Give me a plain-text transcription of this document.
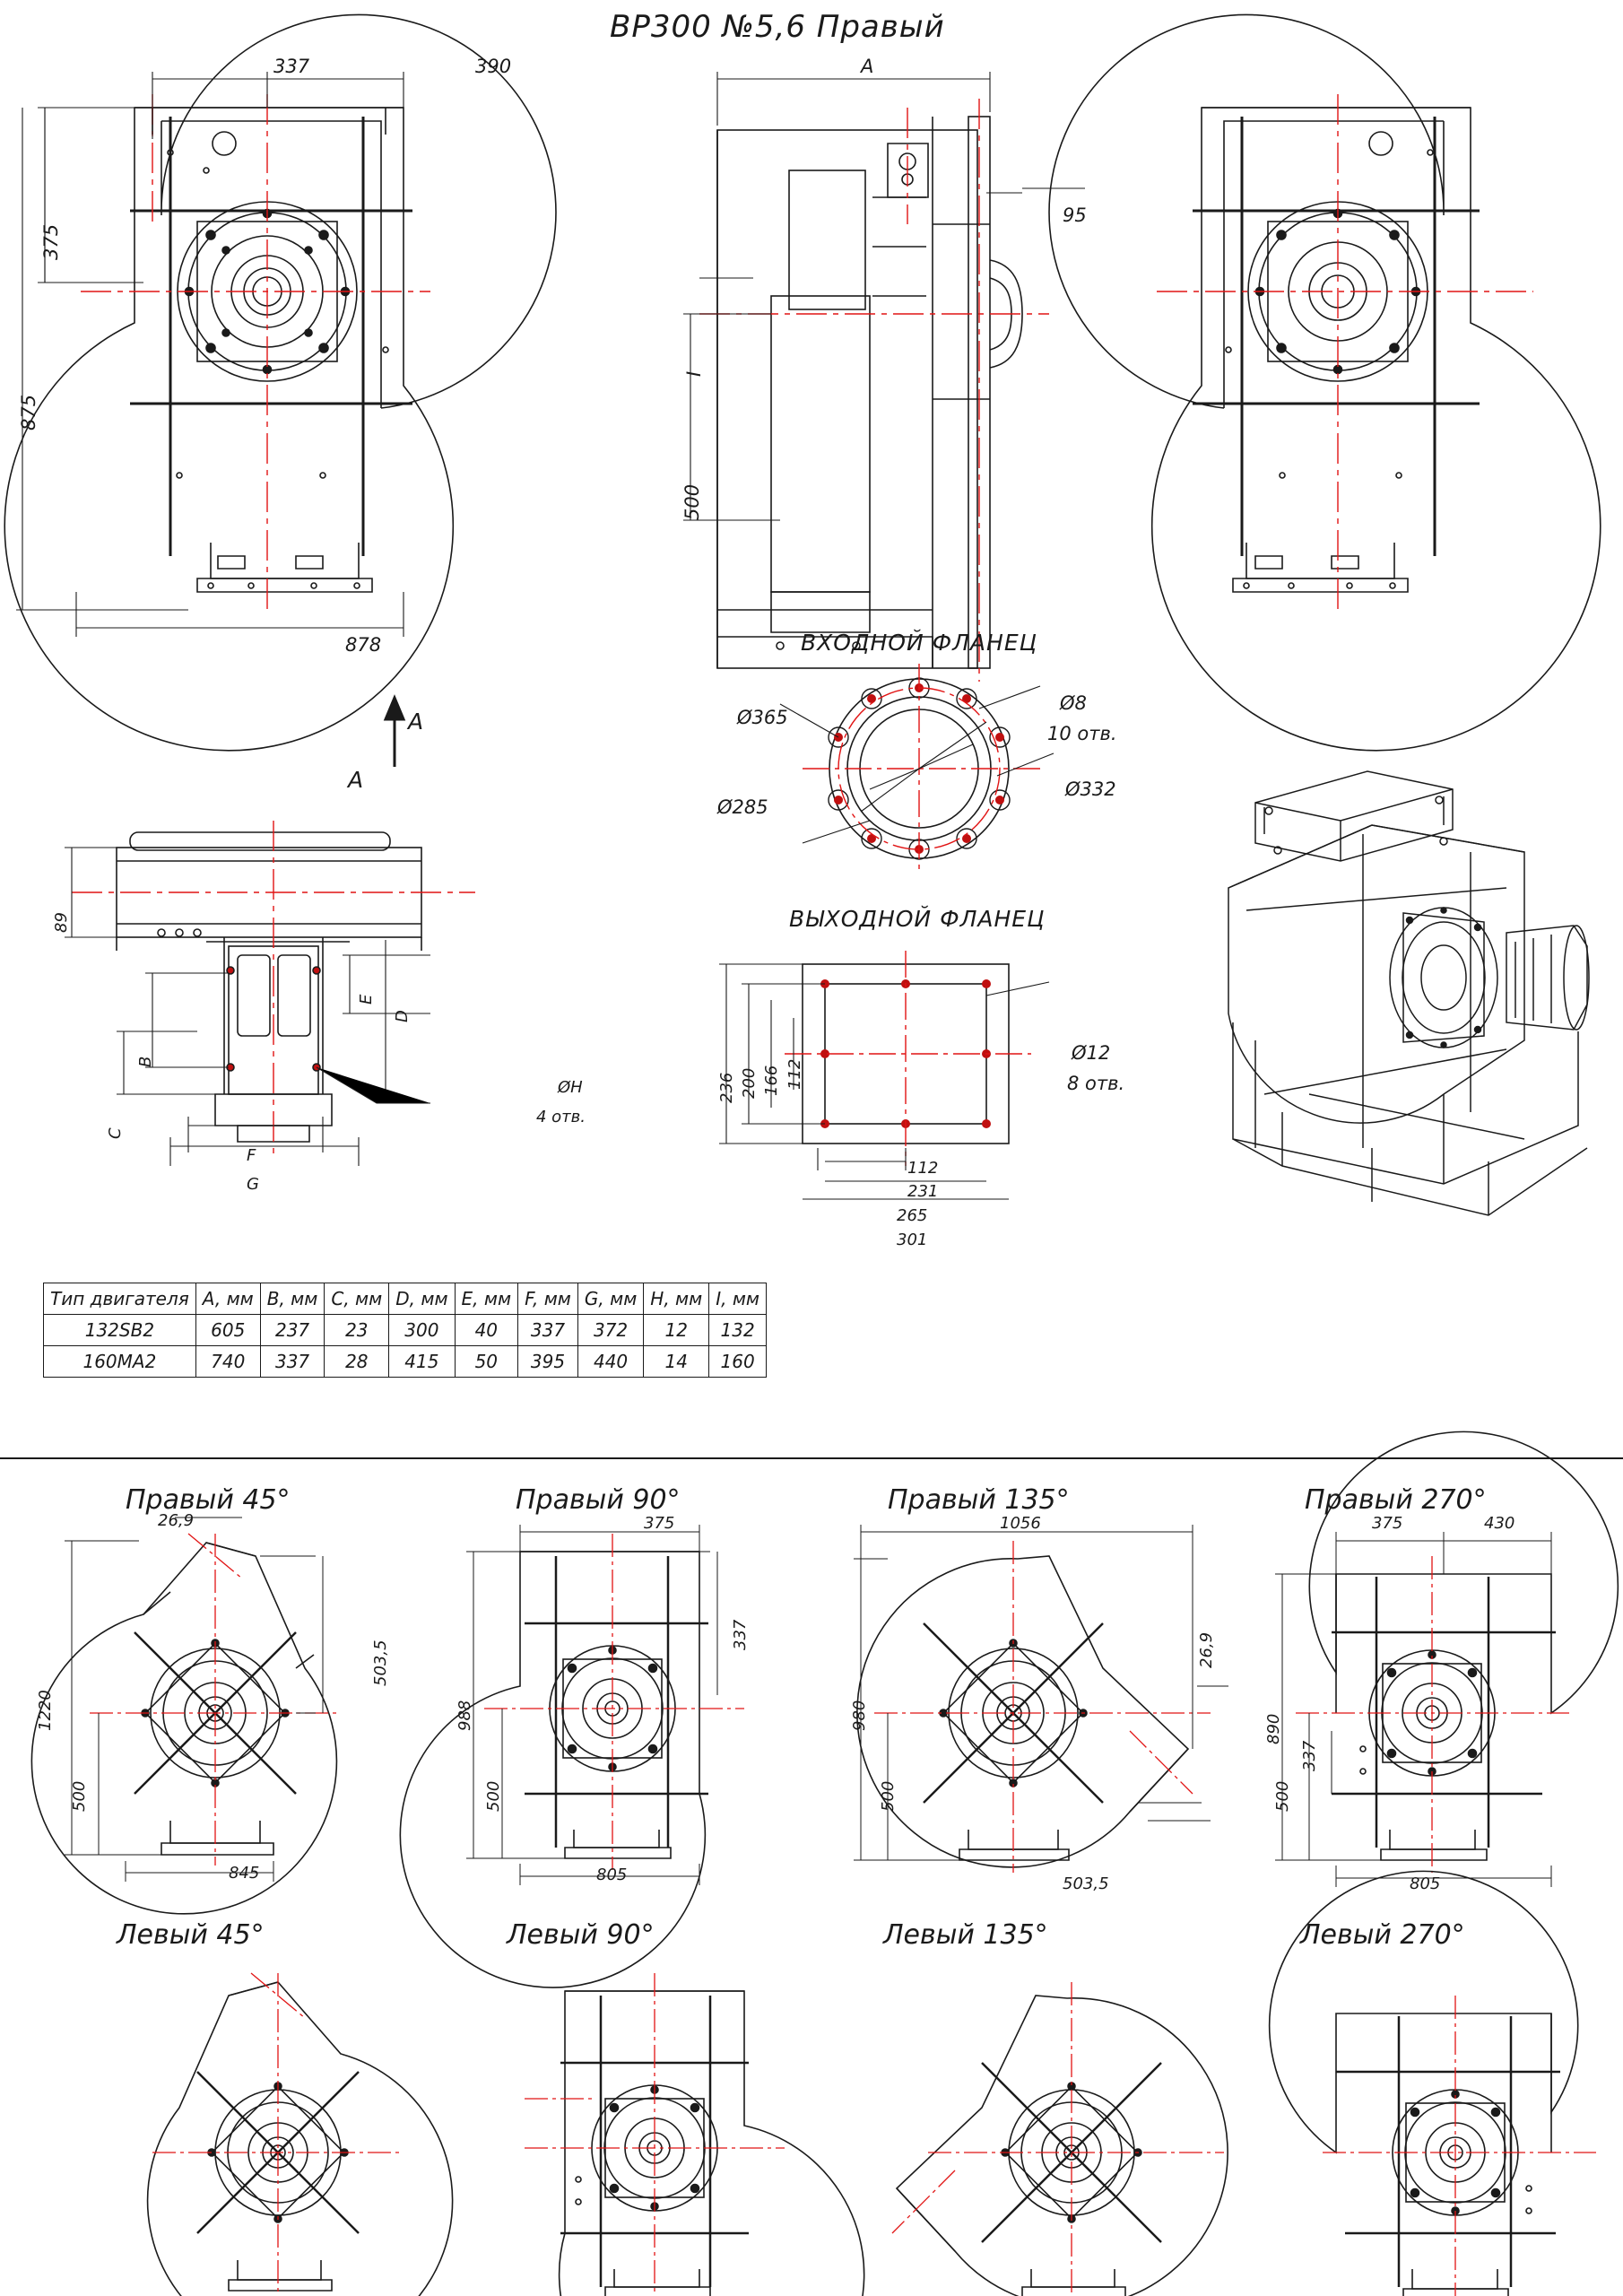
ВР300 №5,6 Правый
337	390
375
875
878
A
A
A
95
500
I
89
B
C
E
D
F
G
ØH
4 отв.
ВХОДНОЙ ФЛАНЕЦ
Ø365
Ø285
Ø8
10 отв.
Ø332
ВЫХОДНОЙ ФЛАНЕЦ
236 200 166 112
112
231
265
301
Ø12
8 отв.
Тип двигателя	A, мм	B, мм	C, мм	D, мм	E, мм	F, мм	G, мм	H, мм	I, мм
132SB2	605	237	23	300	40	337	372	12	132
160MA2	740	337	28	415	50	395	440	14	160
Правый 45°	Правый 90°	Правый 135°	Правый 270°
26,9
503,5
1220
500
845
375
337
988
500
805
1056
26,9
980
500
503,5
375	430
890
337
500
805
Левый 45°	Левый 90°	Левый 135°	Левый 270°
